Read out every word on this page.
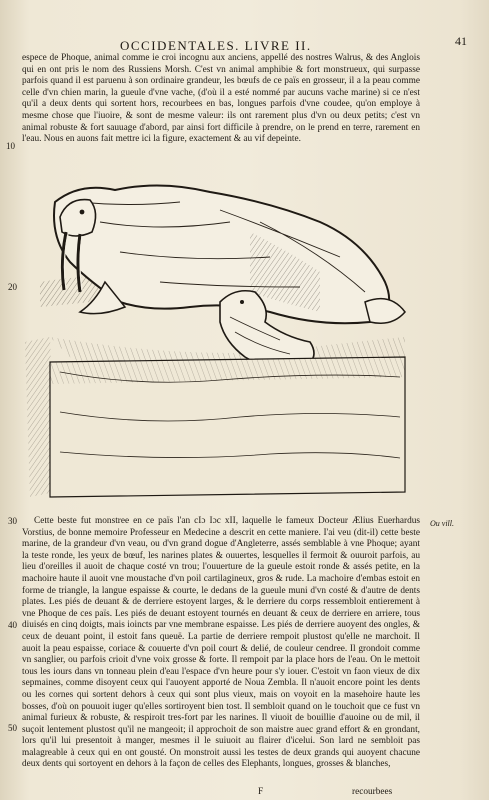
OCCIDENTALES. LIVRE II.	41

espece de Phoque, animal comme ie croi incognu aux anciens, appellé des nostres Walrus, & des Anglois qui en ont pris le nom des Russiens Morsh. C'est vn animal amphibie & fort monstrueux, qui surpasse parfois quand il est paruenu à son ordinaire grandeur, les bœufs de ce païs en grosseur, il a la peau comme celle d'vn chien marin, la gueule d'vne vache, (d'où il a esté nommé par aucuns vache marine) si ce n'est qu'il a deux dents qui sortent hors, recourbees en bas, longues parfois d'vne coudee, qu'on employe à mesme chose que l'iuoire, & sont de mesme valeur: ils ont rarement plus d'vn ou deux petits; c'est vn animal robuste & fort sauuage d'abord, par ainsi fort difficile à prendre, on le prend en terre, rarement en l'eau. Nous en auons fait mettre ici la figure, exactement & au vif depeinte.

10
20
30
40
50

Cette beste fut monstree en ce païs l'an cIɔ Iɔc xII, laquelle le fameux Docteur Ælius Euerhardus Vorstius, de bonne memoire Professeur en Medecine a descrit en cette maniere. I'ai veu (dit-il) cette beste marine, de la grandeur d'vn veau, ou d'vn grand dogue d'Angleterre, assés semblable à vne Phoque; ayant la teste ronde, les yeux de bœuf, les narines plates & ouuertes, lesquelles il fermoit & ouuroit parfois, au lieu d'oreilles il auoit de chaque costé vn trou; l'ouuerture de la gueule estoit ronde & assés petite, en la machoire haute il auoit vne moustache d'vn poil cartilagineux, gros & rude. La machoire d'embas estoit en forme de triangle, la langue espaisse & courte, le dedans de la gueule muni d'vn costé & d'autre de dents plates. Les piés de deuant & de derriere estoyent larges, & le derriere du corps ressembloit entierement à vne Phoque de ces païs. Les piés de deuant estoyent tournés en deuant & ceux de derriere en arriere, tous diuisés en cinq doigts, mais ioincts par vne membrane espaisse. Les piés de derriere auoyent des ongles, & ceux de deuant point, il estoit fans queuë. La partie de derriere rempoit plustost qu'elle ne marchoit. Il auoit la peau espaisse, coriace & couuerte d'vn poil court & delié, de couleur cendree. Il grondoit comme vn sanglier, ou parfois crioit d'vne voix grosse & forte. Il rempoit par la place hors de l'eau. On le mettoit tous les iours dans vn tonneau plein d'eau l'espace d'vn heure pour s'y iouer. C'estoit vn faon vieux de dix sepmaines, comme disoyent ceux qui l'auoyent apporté de Noua Zembla. Il n'auoit encore point les dents ou les cornes qui sortent dehors à ceux qui sont plus vieux, mais on voyoit en la masehoire haute les bosses, d'où on pouuoit iuger qu'elles sortiroyent bien tost. Il sembloit quand on le touchoit que ce fust vn animal furieux & robuste, & respiroit tres-fort par les narines. Il viuoit de bouillie d'auoine ou de mil, il suçoit lentement plustost qu'il ne mangeoit; il approchoit de son maistre auec grand effort & en grondant, lors qu'il lui presentoit à manger, mesmes il le suiuoit au flairer d'icelui. Son lard ne sembloit pas malagreable à ceux qui en ont gousté. On monstroit aussi les testes de deux grands qui auoyent chacune deux dents qui sortoyent en dehors à la façon de celles des Elephants, longues, grosses & blanches,

Ou vill.
F	recourbees
